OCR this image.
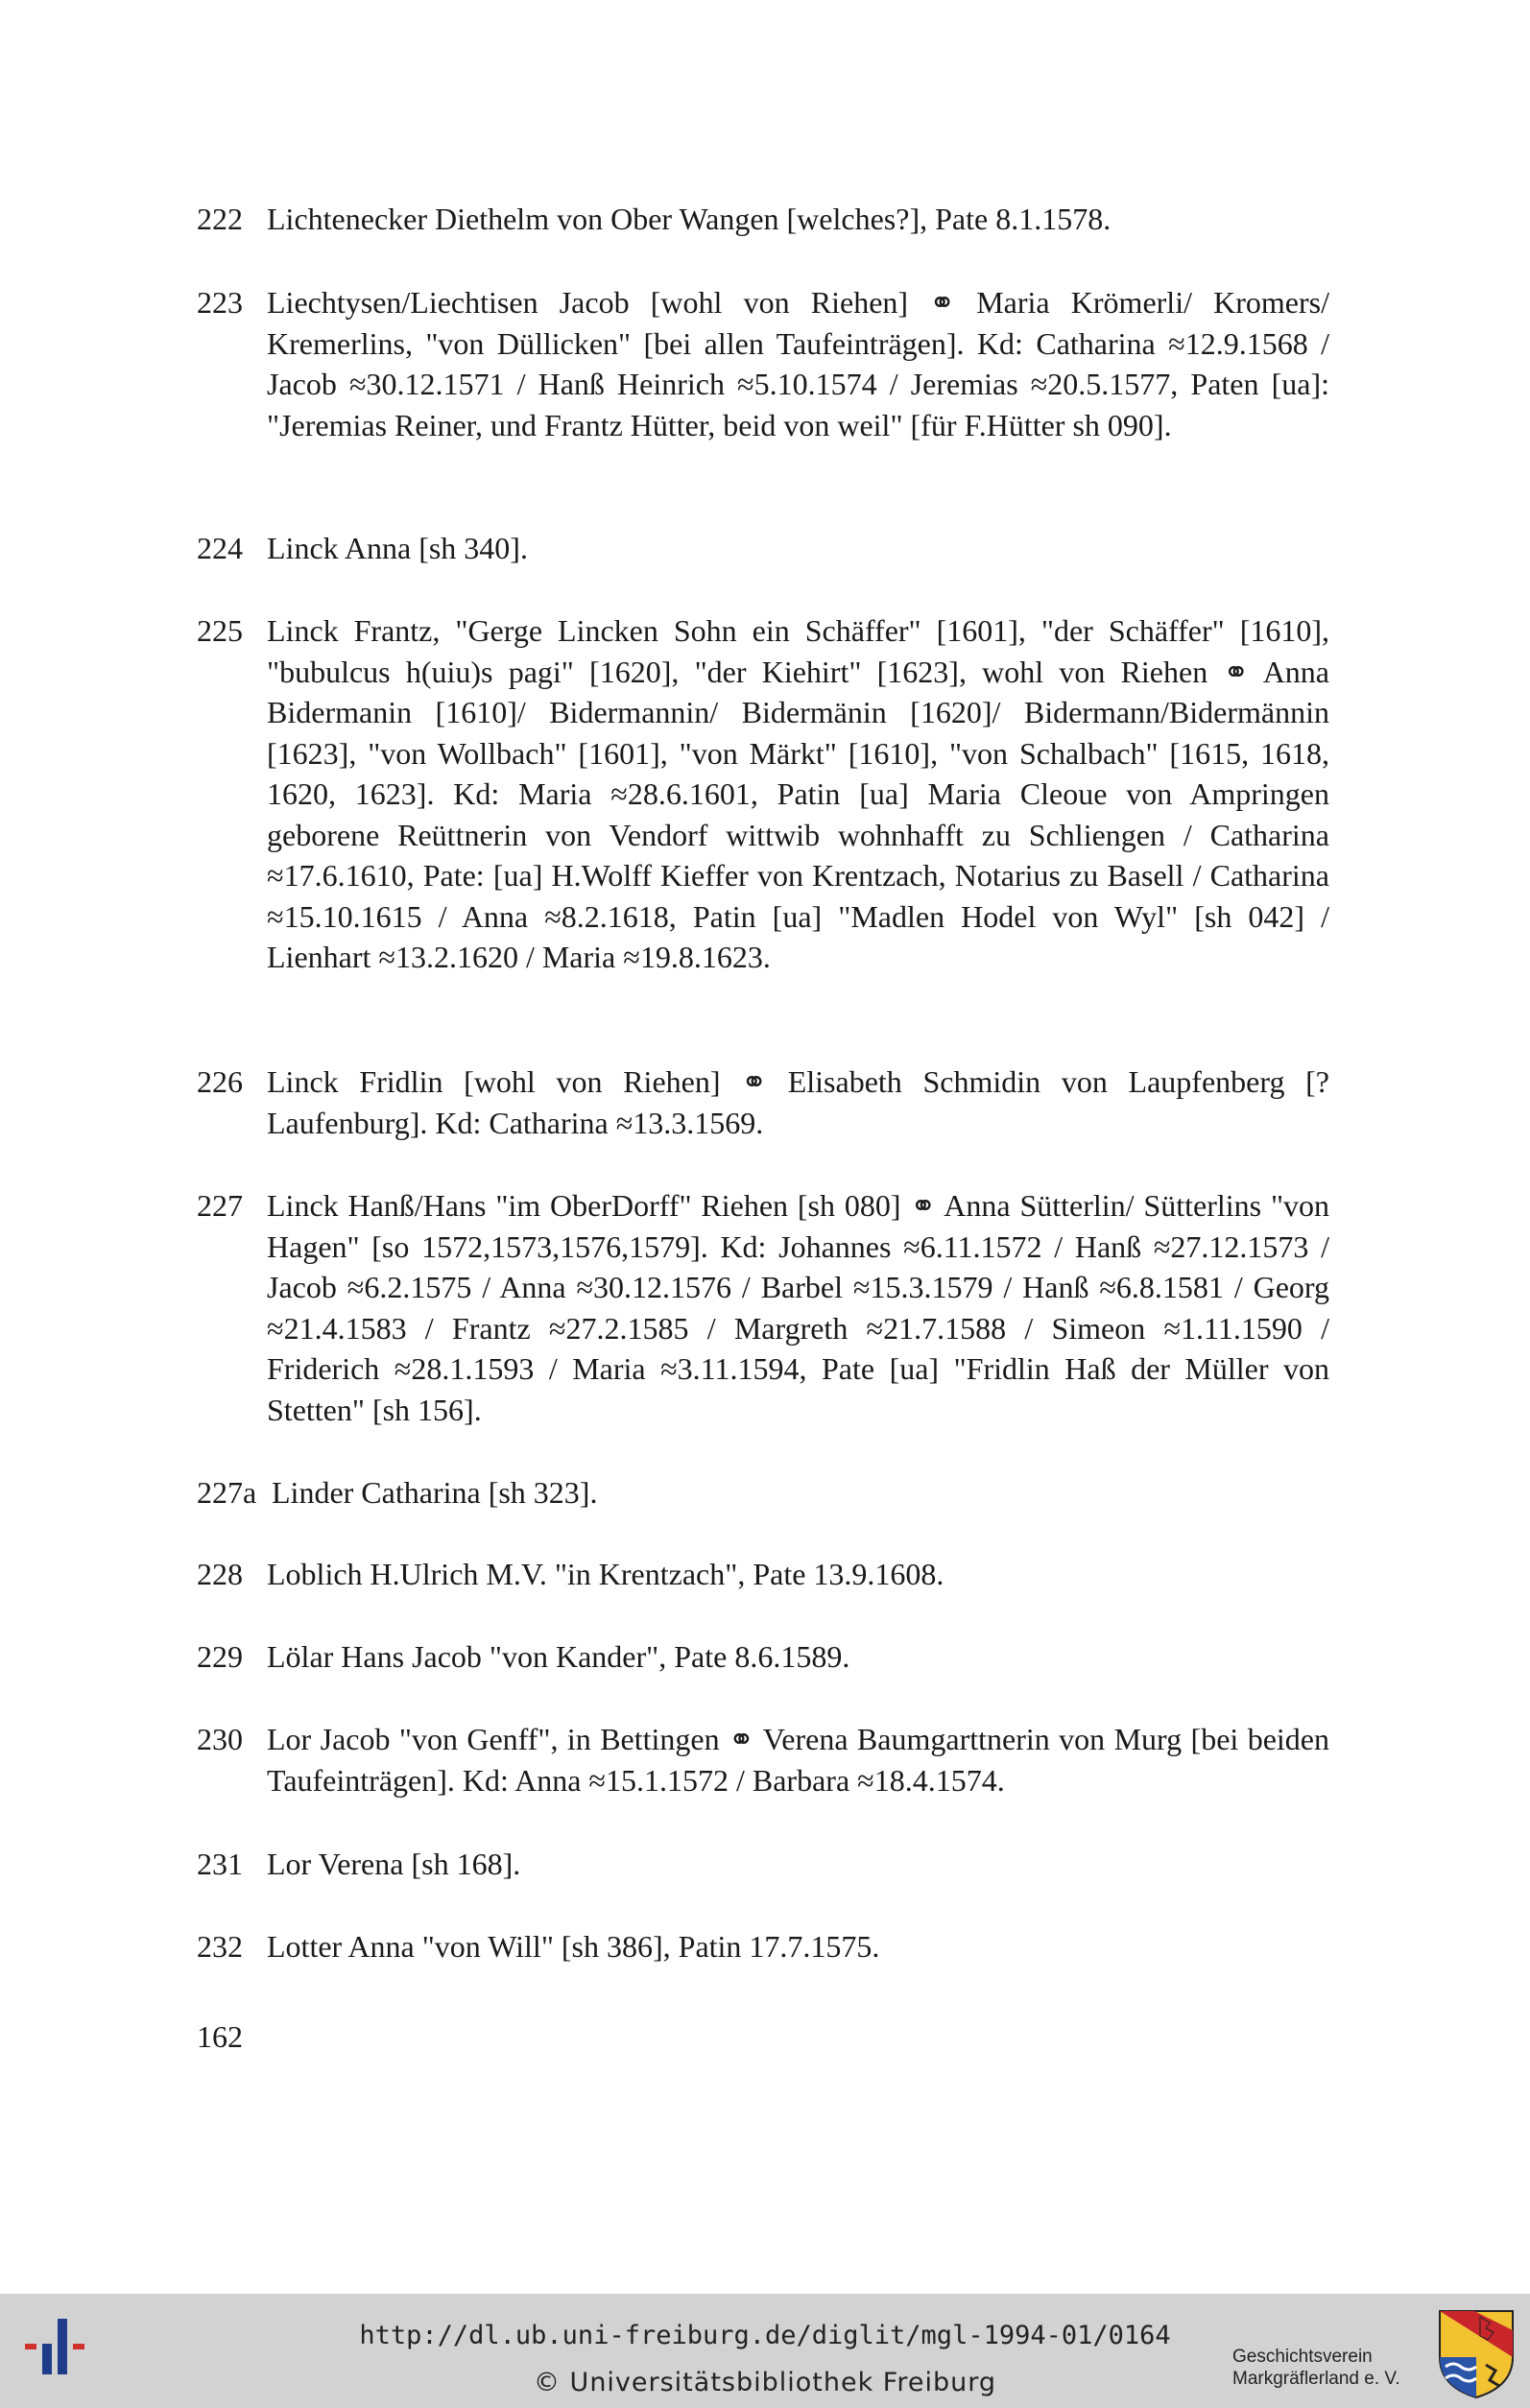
222 Lichtenecker Diethelm von Ober Wangen [welches?], Pate 8.1.1578.
223 Liechtysen/Liechtisen Jacob [wohl von Riehen] ⚭ Maria Krömerli/ Kromers/ Kremerlins, "von Düllicken" [bei allen Taufeinträgen]. Kd: Catharina ≈12.9.1568 / Jacob ≈30.12.1571 / Hanß Heinrich ≈5.10.1574 / Jeremias ≈20.5.1577, Paten [ua]: "Jeremias Reiner, und Frantz Hütter, beid von weil" [für F.Hütter sh 090].
224 Linck Anna [sh 340].
225 Linck Frantz, "Gerge Lincken Sohn ein Schäffer" [1601], "der Schäffer" [1610], "bubulcus h(uiu)s pagi" [1620], "der Kiehirt" [1623], wohl von Riehen ⚭ Anna Bidermanin [1610]/ Bidermannin/ Bidermänin [1620]/ Bidermann/Bidermännin [1623], "von Wollbach" [1601], "von Märkt" [1610], "von Schalbach" [1615, 1618, 1620, 1623]. Kd: Maria ≈28.6.1601, Patin [ua] Maria Cleoue von Ampringen geborene Reüttnerin von Vendorf wittwib wohnhafft zu Schliengen / Catharina ≈17.6.1610, Pate: [ua] H.Wolff Kieffer von Krentzach, Notarius zu Basell / Catharina ≈15.10.1615 / Anna ≈8.2.1618, Patin [ua] "Madlen Hodel von Wyl" [sh 042] / Lienhart ≈13.2.1620 / Maria ≈19.8.1623.
226 Linck Fridlin [wohl von Riehen] ⚭ Elisabeth Schmidin von Laupfenberg [?Laufenburg]. Kd: Catharina ≈13.3.1569.
227 Linck Hanß/Hans "im OberDorff" Riehen [sh 080] ⚭ Anna Sütterlin/ Sütterlins "von Hagen" [so 1572,1573,1576,1579]. Kd: Johannes ≈6.11.1572 / Hanß ≈27.12.1573 / Jacob ≈6.2.1575 / Anna ≈30.12.1576 / Barbel ≈15.3.1579 / Hanß ≈6.8.1581 / Georg ≈21.4.1583 / Frantz ≈27.2.1585 / Margreth ≈21.7.1588 / Simeon ≈1.11.1590 / Friderich ≈28.1.1593 / Maria ≈3.11.1594, Pate [ua] "Fridlin Haß der Müller von Stetten" [sh 156].
227a Linder Catharina [sh 323].
228 Loblich H.Ulrich M.V. "in Krentzach", Pate 13.9.1608.
229 Lölar Hans Jacob "von Kander", Pate 8.6.1589.
230 Lor Jacob "von Genff", in Bettingen ⚭ Verena Baumgarttnerin von Murg [bei beiden Taufeinträgen]. Kd: Anna ≈15.1.1572 / Barbara ≈18.4.1574.
231 Lor Verena [sh 168].
232 Lotter Anna "von Will" [sh 386], Patin 17.7.1575.
162
http://dl.ub.uni-freiburg.de/diglit/mgl-1994-01/0164
© Universitätsbibliothek Freiburg
Geschichtsverein
Markgräflerland e. V.
